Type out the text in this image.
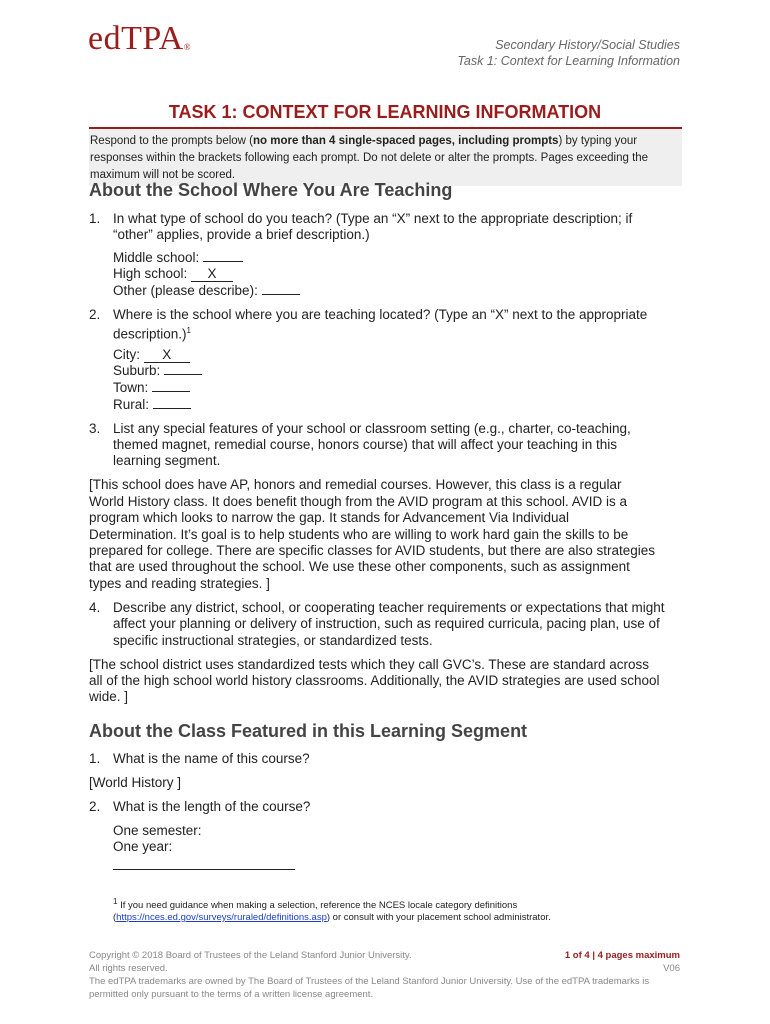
edTPA®	Secondary History/Social Studies
Task 1: Context for Learning Information
TASK 1: CONTEXT FOR LEARNING INFORMATION
Respond to the prompts below (no more than 4 single-spaced pages, including prompts) by typing your responses within the brackets following each prompt. Do not delete or alter the prompts. Pages exceeding the maximum will not be scored.
About the School Where You Are Teaching
1. In what type of school do you teach? (Type an “X” next to the appropriate description; if
“other” applies, provide a brief description.)
Middle school:
High school: X
Other (please describe):
2. Where is the school where you are teaching located? (Type an “X” next to the appropriate
description.)$^1$
City: X
Suburb:
Town:
Rural:
3. List any special features of your school or classroom setting (e.g., charter, co-teaching,
themed magnet, remedial course, honors course) that will affect your teaching in this
learning segment.
[This school does have AP, honors and remedial courses. However, this class is a regular
World History class. It does benefit though from the AVID program at this school. AVID is a
program which looks to narrow the gap. It stands for Advancement Via Individual
Determination. It’s goal is to help students who are willing to work hard gain the skills to be
prepared for college. There are specific classes for AVID students, but there are also strategies
that are used throughout the school. We use these other components, such as assignment
types and reading strategies. ]
4. Describe any district, school, or cooperating teacher requirements or expectations that might
affect your planning or delivery of instruction, such as required curricula, pacing plan, use of
specific instructional strategies, or standardized tests.
[The school district uses standardized tests which they call GVC’s. These are standard across
all of the high school world history classrooms. Additionally, the AVID strategies are used school
wide. ]
About the Class Featured in this Learning Segment
1. What is the name of this course?
[World History ]
2. What is the length of the course?
One semester:
One year:
$^1$ If you need guidance when making a selection, reference the NCES locale category definitions
(https://nces.ed.gov/surveys/ruraled/definitions.asp) or consult with your placement school administrator.
Copyright © 2018 Board of Trustees of the Leland Stanford Junior University.
All rights reserved.
The edTPA trademarks are owned by The Board of Trustees of the Leland Stanford Junior University. Use of the edTPA trademarks is
permitted only pursuant to the terms of a written license agreement.
1 of 4 | 4 pages maximum
V06
